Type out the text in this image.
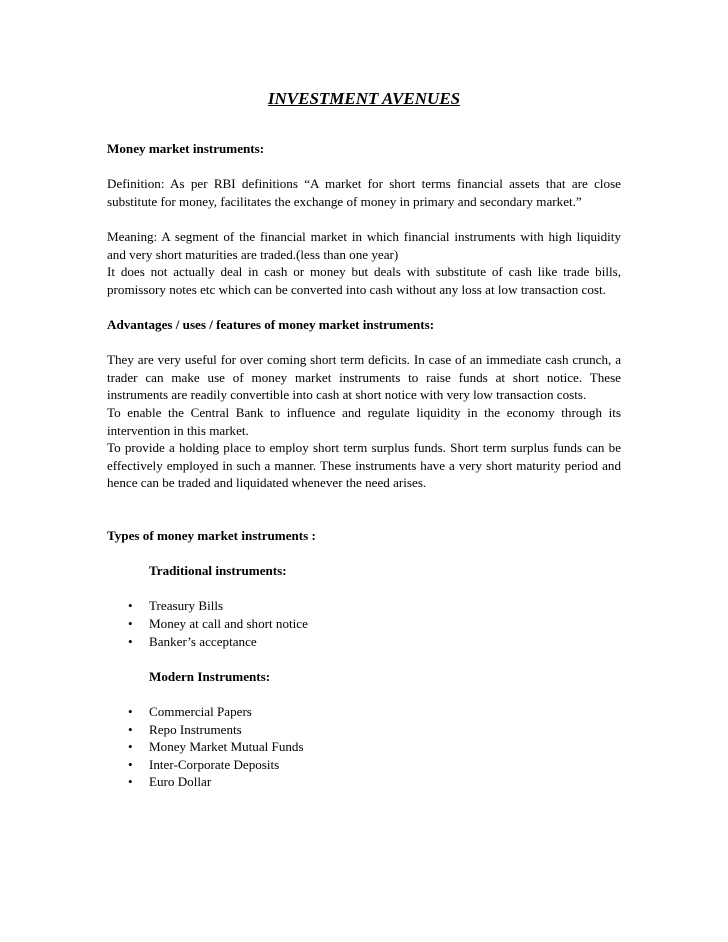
INVESTMENT AVENUES

Money market instruments:

Definition: As per RBI definitions “A market for short terms financial assets that are close substitute for money, facilitates the exchange of money in primary and secondary market.”

Meaning: A segment of the financial market in which financial instruments with high liquidity and very short maturities are traded.(less than one year)

It does not actually deal in cash or money but deals with substitute of cash like trade bills, promissory notes etc which can be converted into cash without any loss at low transaction cost.

Advantages / uses / features of money market instruments:

They are very useful for over coming short term deficits. In case of an immediate cash crunch, a trader can make use of money market instruments to raise funds at short notice. These instruments are readily convertible into cash at short notice with very low transaction costs.

To enable the Central Bank to influence and regulate liquidity in the economy through its intervention in this market.

To provide a holding place to employ short term surplus funds. Short term surplus funds can be effectively employed in such a manner. These instruments have a very short maturity period and hence can be traded and liquidated whenever the need arises.

Types of money market instruments :

Traditional instruments:

• Treasury Bills
• Money at call and short notice
• Banker’s acceptance

Modern Instruments:

• Commercial Papers
• Repo Instruments
• Money Market Mutual Funds
• Inter-Corporate Deposits
• Euro Dollar
